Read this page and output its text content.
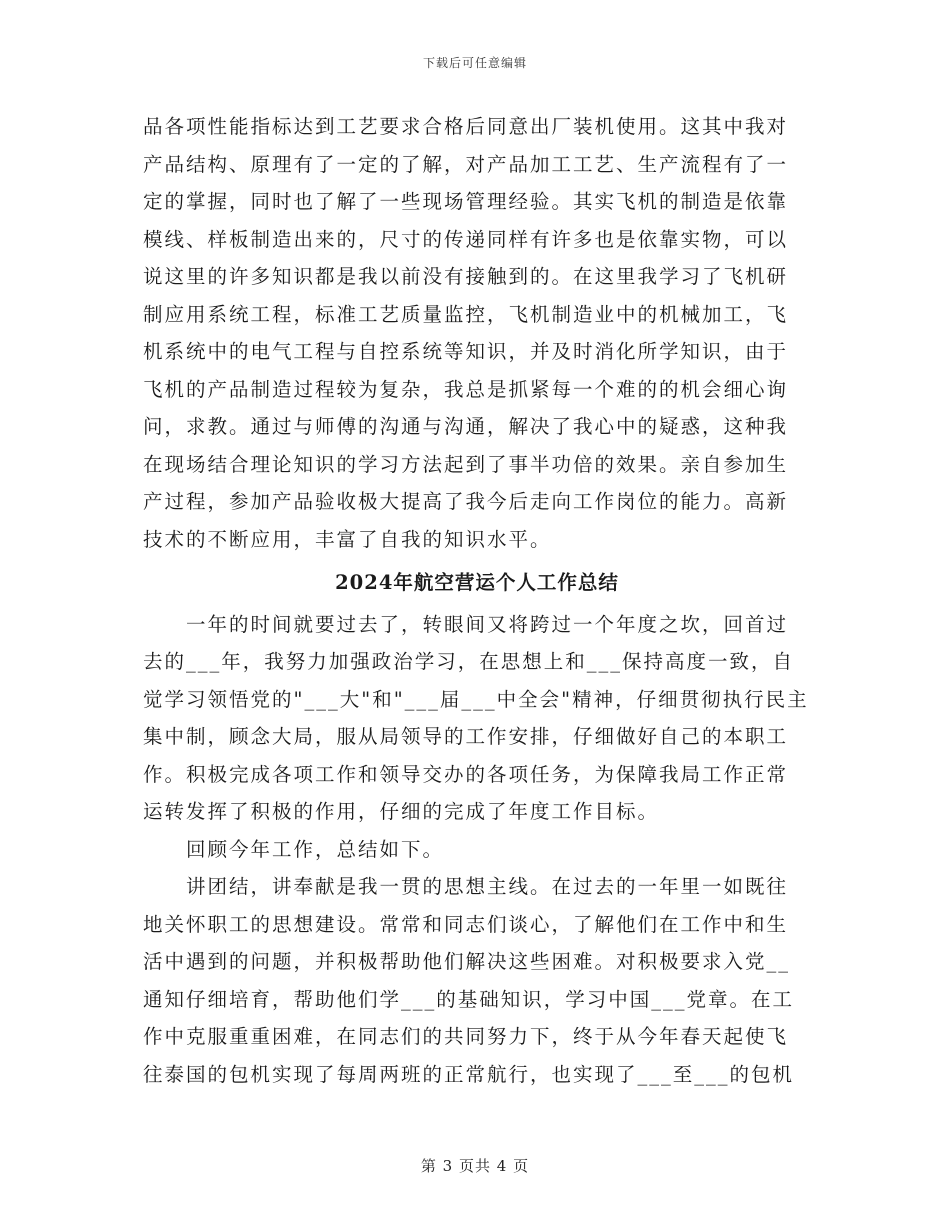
下载后可任意编辑
品各项性能指标达到工艺要求合格后同意出厂装机使用。这其中我对
产品结构、原理有了一定的了解，对产品加工工艺、生产流程有了一
定的掌握，同时也了解了一些现场管理经验。其实飞机的制造是依靠
模线、样板制造出来的，尺寸的传递同样有许多也是依靠实物，可以
说这里的许多知识都是我以前没有接触到的。在这里我学习了飞机研
制应用系统工程，标准工艺质量监控，飞机制造业中的机械加工，飞
机系统中的电气工程与自控系统等知识，并及时消化所学知识，由于
飞机的产品制造过程较为复杂，我总是抓紧每一个难的的机会细心询
问，求教。通过与师傅的沟通与沟通，解决了我心中的疑惑，这种我
在现场结合理论知识的学习方法起到了事半功倍的效果。亲自参加生
产过程，参加产品验收极大提高了我今后走向工作岗位的能力。高新
技术的不断应用，丰富了自我的知识水平。
2024年航空营运个人工作总结
一年的时间就要过去了，转眼间又将跨过一个年度之坎，回首过
去的___年，我努力加强政治学习，在思想上和___保持高度一致，自
觉学习领悟党的"___大"和"___届___中全会"精神，仔细贯彻执行民主
集中制，顾念大局，服从局领导的工作安排，仔细做好自己的本职工
作。积极完成各项工作和领导交办的各项任务，为保障我局工作正常
运转发挥了积极的作用，仔细的完成了年度工作目标。
回顾今年工作，总结如下。
讲团结，讲奉献是我一贯的思想主线。在过去的一年里一如既往
地关怀职工的思想建设。常常和同志们谈心，了解他们在工作中和生
活中遇到的问题，并积极帮助他们解决这些困难。对积极要求入党__
通知仔细培育，帮助他们学___的基础知识，学习中国___党章。在工
作中克服重重困难，在同志们的共同努力下，终于从今年春天起使飞
往泰国的包机实现了每周两班的正常航行，也实现了___至___的包机
第 3 页共 4 页
